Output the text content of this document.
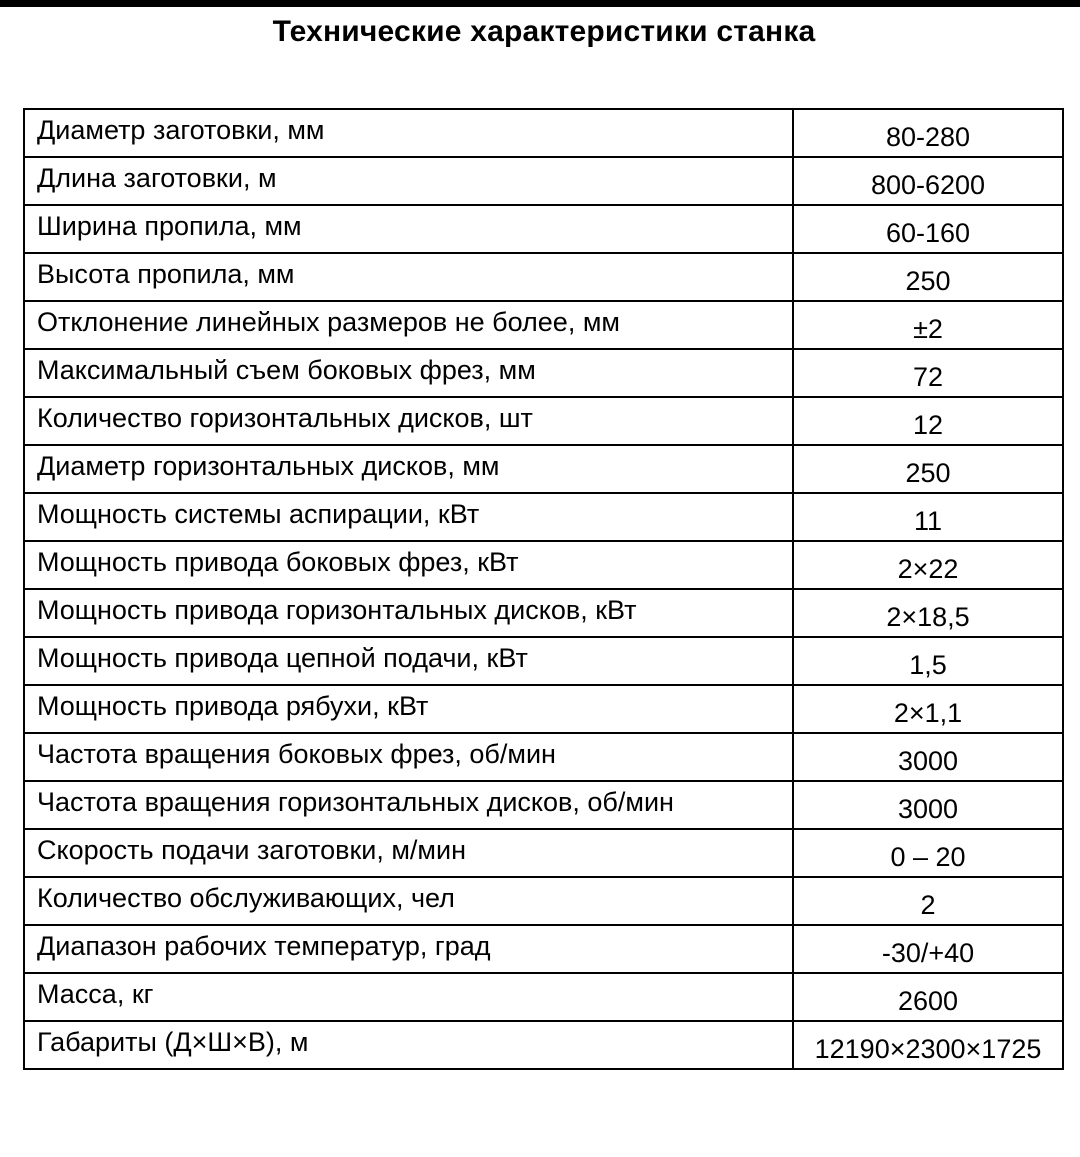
Технические характеристики станка
Диаметр заготовки, мм	80-280
Длина заготовки, м	800-6200
Ширина пропила, мм	60-160
Высота пропила, мм	250
Отклонение линейных размеров не более, мм	±2
Максимальный съем боковых фрез, мм	72
Количество горизонтальных дисков, шт	12
Диаметр горизонтальных дисков, мм	250
Мощность системы аспирации, кВт	11
Мощность привода боковых фрез, кВт	2×22
Мощность привода горизонтальных дисков, кВт	2×18,5
Мощность привода цепной подачи, кВт	1,5
Мощность привода рябухи, кВт	2×1,1
Частота вращения боковых фрез, об/мин	3000
Частота вращения горизонтальных дисков, об/мин	3000
Скорость подачи заготовки, м/мин	0 – 20
Количество обслуживающих, чел	2
Диапазон рабочих температур, град	-30/+40
Масса, кг	2600
Габариты (Д×Ш×В), м	12190×2300×1725
